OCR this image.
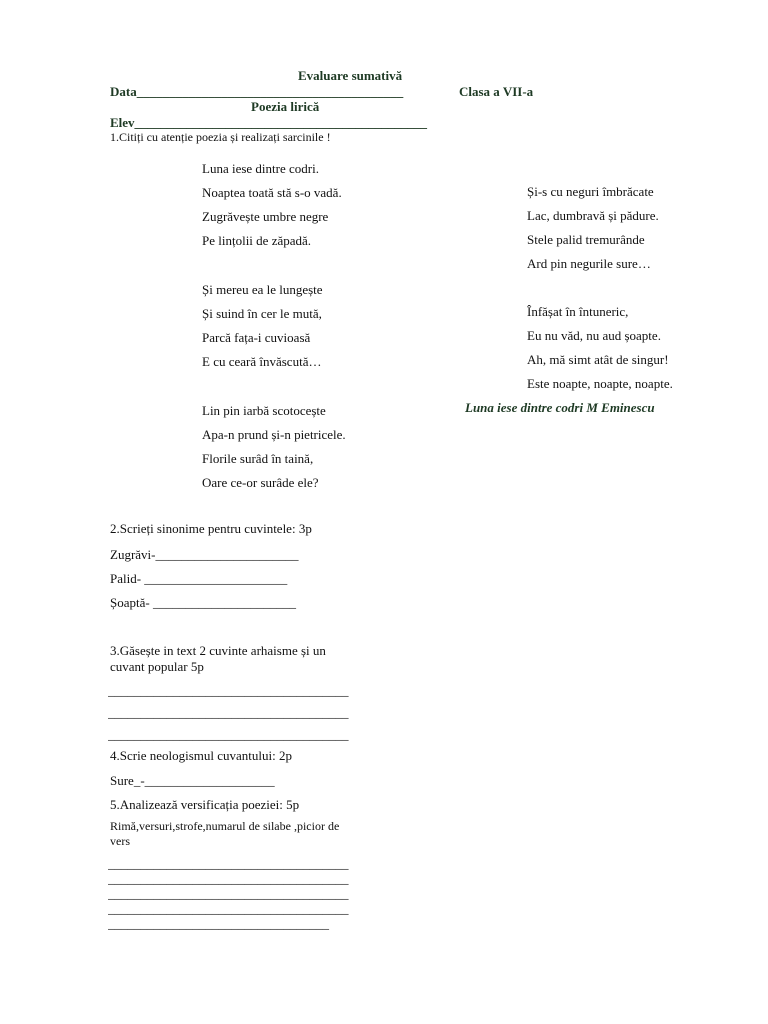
Evaluare sumativă
Data_________________________________________	Clasa a VII-a
Poezia lirică
Elev_____________________________________________
1.Citiți cu atenție poezia și realizați sarcinile !
Luna iese dintre codri.
Noaptea toată stă s-o vadă.
Zugrăvește umbre negre
Pe lințolii de zăpadă.
Și mereu ea le lungește
Și suind în cer le mută,
Parcă fața-i cuvioasă
E cu ceară învăscută…
Lin pin iarbă scotocește
Apa-n prund și-n pietricele.
Florile surâd în taină,
Oare ce-or surâde ele?
Și-s cu neguri îmbrăcate
Lac, dumbravă și pădure.
Stele palid tremurânde
Ard pin negurile sure…
Înfășat în întuneric,
Eu nu văd, nu aud șoapte.
Ah, mă simt atât de singur!
Este noapte, noapte, noapte.
Luna iese dintre codri M Eminescu
2.Scrieți sinonime pentru cuvintele: 3p
Zugrăvi-______________________
Palid- ______________________
Șoaptă- ______________________
3.Găsește in text 2 cuvinte arhaisme și un
cuvant popular 5p
_____________________________________
_____________________________________
_____________________________________
4.Scrie neologismul cuvantului: 2p
Sure_-____________________
5.Analizează versificația poeziei: 5p
Rimă,versuri,strofe,numarul de silabe ,picior de
vers
_____________________________________
_____________________________________
_____________________________________
_____________________________________
__________________________________
